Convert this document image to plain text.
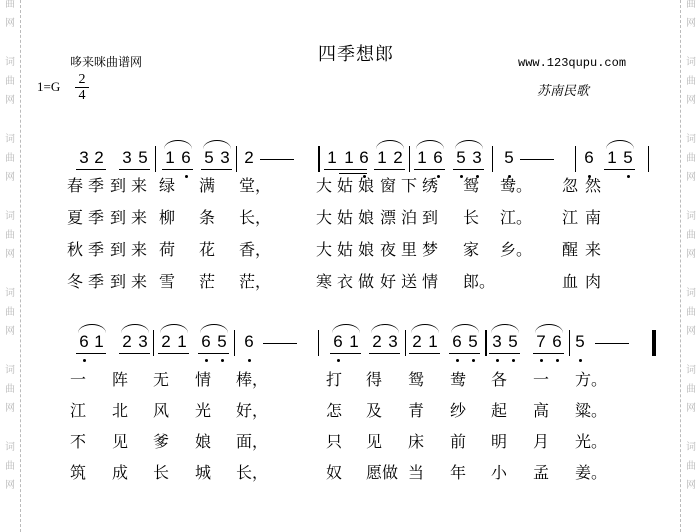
曲
网
词
曲
网
词
曲
网
词
曲
网
词
曲
网
词
曲
网
词
曲
网
曲
网
词
曲
网
词
曲
网
词
曲
网
词
曲
网
词
曲
网
词
曲
网
四季想郎
哆来咪曲谱网	www.123qupu.com
$1=G \frac{2}{4}$	苏南民歌
3 2 3 5 1 6 5 3 2	1 1 6 1 2 1 6 5 3 5	6 1 5
6 1 2 3 2 1 6 5 6	6 1 2 3 2 1 6 5 3 5 7 6 5
春 季 到 来 绿 满 堂，	大 姑 娘 窗 下 绣 鸳 鸯。 忽 然
夏 季 到 来 柳 条 长，	大 姑 娘 漂 泊 到 长 江。 江 南
秋 季 到 来 荷 花 香，	大 姑 娘 夜 里 梦 家 乡。 醒 来
冬 季 到 来 雪 茫 茫，	寒 衣 做 好 送 情 郎。	血 肉
一 阵 无 情 棒，	打 得 鸳 鸯 各 一 方。
江 北 风 光 好，	怎 及 青 纱 起 高 粱。
不 见 爹 娘 面，	只 见 床 前 明 月 光。
筑 成 长 城 长，	奴 愿做 当 年 小 孟 姜。
